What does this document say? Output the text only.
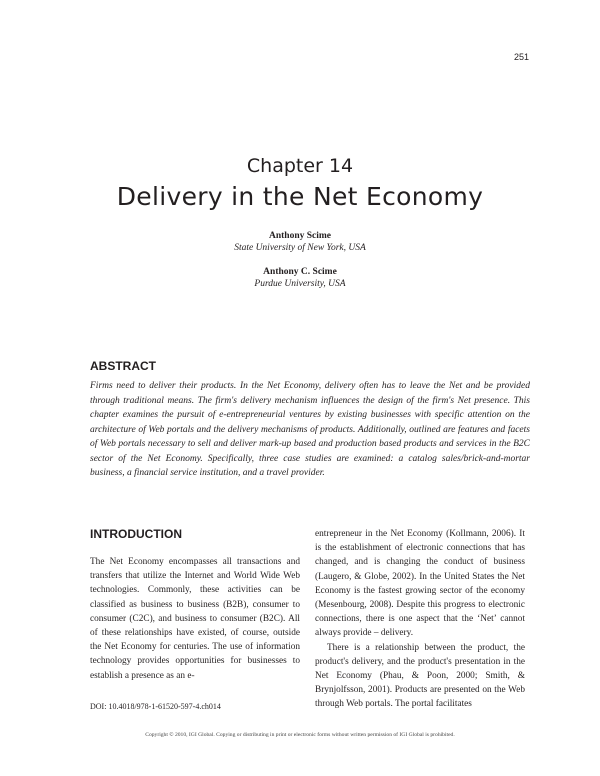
251
Chapter 14
Delivery in the Net Economy
Anthony Scime
State University of New York, USA
Anthony C. Scime
Purdue University, USA
ABSTRACT
Firms need to deliver their products. In the Net Economy, delivery often has to leave the Net and be provided through traditional means. The firm's delivery mechanism influences the design of the firm's Net presence. This chapter examines the pursuit of e-entrepreneurial ventures by existing businesses with specific attention on the architecture of Web portals and the delivery mechanisms of products. Additionally, outlined are features and facets of Web portals necessary to sell and deliver mark-up based and production based products and services in the B2C sector of the Net Economy. Specifically, three case studies are examined: a catalog sales/brick-and-mortar business, a financial service institution, and a travel provider.
INTRODUCTION

The Net Economy encompasses all transactions and transfers that utilize the Internet and World Wide Web technologies. Commonly, these activities can be classified as business to business (B2B), consumer to consumer (C2C), and business to consumer (B2C). All of these relationships have existed, of course, outside the Net Economy for centuries. The use of information technology provides opportunities for businesses to establish a presence as an e-

entrepreneur in the Net Economy (Kollmann, 2006). It is the establishment of electronic connections that has changed, and is changing the conduct of business (Laugero, & Globe, 2002). In the United States the Net Economy is the fastest growing sector of the economy (Mesenbourg, 2008). Despite this progress to electronic connections, there is one aspect that the ‘Net’ cannot always provide – delivery.

There is a relationship between the product, the product's delivery, and the product's presentation in the Net Economy (Phau, & Poon, 2000; Smith, & Brynjolfsson, 2001). Products are presented on the Web through Web portals. The portal facilitates

DOI: 10.4018/978-1-61520-597-4.ch014
Copyright © 2010, IGI Global. Copying or distributing in print or electronic forms without written permission of IGI Global is prohibited.
